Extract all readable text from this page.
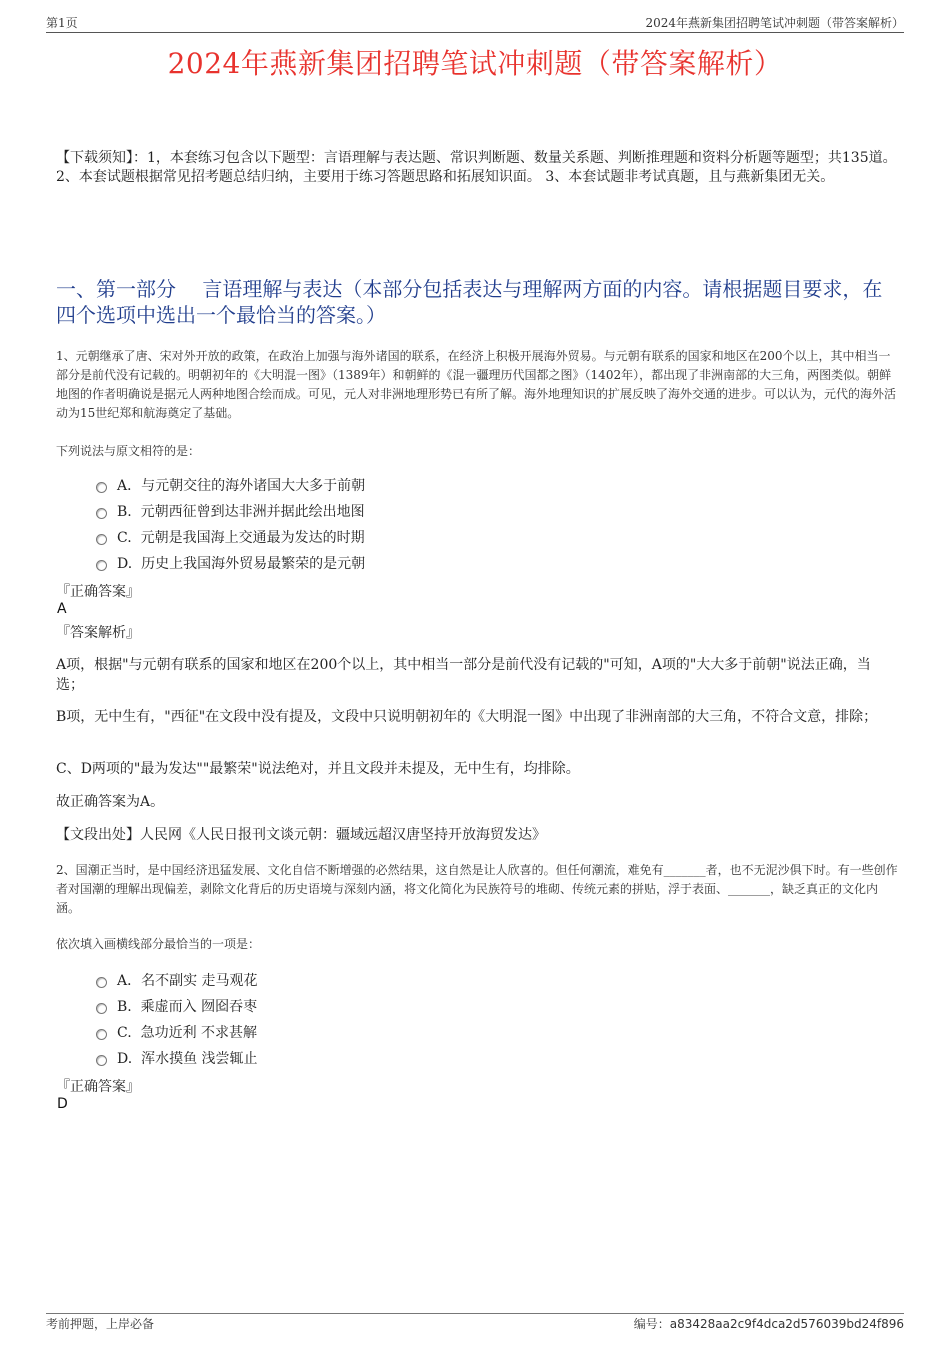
第1页	2024年燕新集团招聘笔试冲刺题（带答案解析）
2024年燕新集团招聘笔试冲刺题（带答案解析）
【下载须知】：1，本套练习包含以下题型：言语理解与表达题、常识判断题、数量关系题、判断推理题和资料分析题等题型；共135道。 2、本套试题根据常见招考题总结归纳，主要用于练习答题思路和拓展知识面。 3、本套试题非考试真题，且与燕新集团无关。
一、第一部分　 言语理解与表达（本部分包括表达与理解两方面的内容。请根据题目要求，在四个选项中选出一个最恰当的答案。）
1、元朝继承了唐、宋对外开放的政策，在政治上加强与海外诸国的联系，在经济上积极开展海外贸易。与元朝有联系的国家和地区在200个以上，其中相当一部分是前代没有记载的。明朝初年的《大明混一图》（1389年）和朝鲜的《混一疆理历代国都之图》（1402年），都出现了非洲南部的大三角，两图类似。朝鲜地图的作者明确说是据元人两种地图合绘而成。可见，元人对非洲地理形势已有所了解。海外地理知识的扩展反映了海外交通的进步。可以认为，元代的海外活动为15世纪郑和航海奠定了基础。
下列说法与原文相符的是：
A．与元朝交往的海外诸国大大多于前朝
B.  元朝西征曾到达非洲并据此绘出地图
C.  元朝是我国海上交通最为发达的时期
D.  历史上我国海外贸易最繁荣的是元朝
『正确答案』
A
『答案解析』
A项，根据"与元朝有联系的国家和地区在200个以上，其中相当一部分是前代没有记载的"可知，A项的"大大多于前朝"说法正确，当选；
B项，无中生有，"西征"在文段中没有提及，文段中只说明朝初年的《大明混一图》中出现了非洲南部的大三角，不符合文意，排除；
C、D两项的"最为发达""最繁荣"说法绝对，并且文段并未提及，无中生有，均排除。
故正确答案为A。
【文段出处】人民网《人民日报刊文谈元朝：疆域远超汉唐坚持开放海贸发达》
2、国潮正当时，是中国经济迅猛发展、文化自信不断增强的必然结果，这自然是让人欣喜的。但任何潮流，难免有_______者，也不无泥沙俱下时。有一些创作者对国潮的理解出现偏差，剥除文化背后的历史语境与深刻内涵，将文化简化为民族符号的堆砌、传统元素的拼贴，浮于表面、_______，缺乏真正的文化内涵。
依次填入画横线部分最恰当的一项是：
A．名不副实 走马观花
B.  乘虚而入 囫囵吞枣
C.  急功近利 不求甚解
D.  浑水摸鱼 浅尝辄止
『正确答案』
D
考前押题，上岸必备	编号：a83428aa2c9f4dca2d576039bd24f896
